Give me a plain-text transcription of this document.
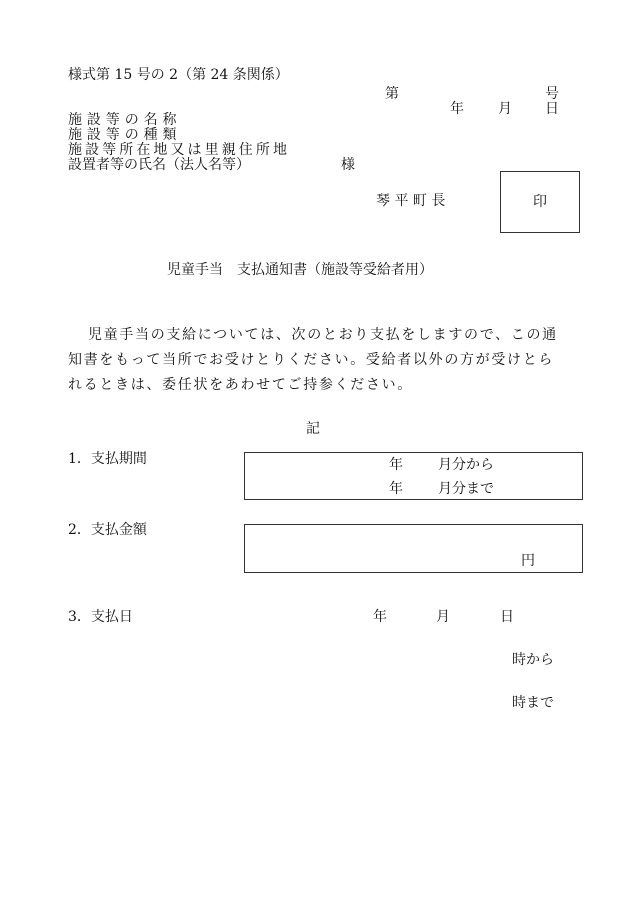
様式第 15 号の 2（第 24 条関係）
第	号
年 月 日
施設等の名称
施設等の種類
施設等所在地又は里親住所地
設置者等の氏名（法人名等）	様
琴 平 町 長	印
児童手当　支払通知書（施設等受給者用）
児童手当の支給については、次のとおり支払をしますので、この通
知書をもって当所でお受けとりください。受給者以外の方が受けとら
れるときは、委任状をあわせてご持参ください。
記
1．支払期間	年	月分から
年	月分まで
2．支払金額
円
3．支払日	年	月	日
時から
時まで
